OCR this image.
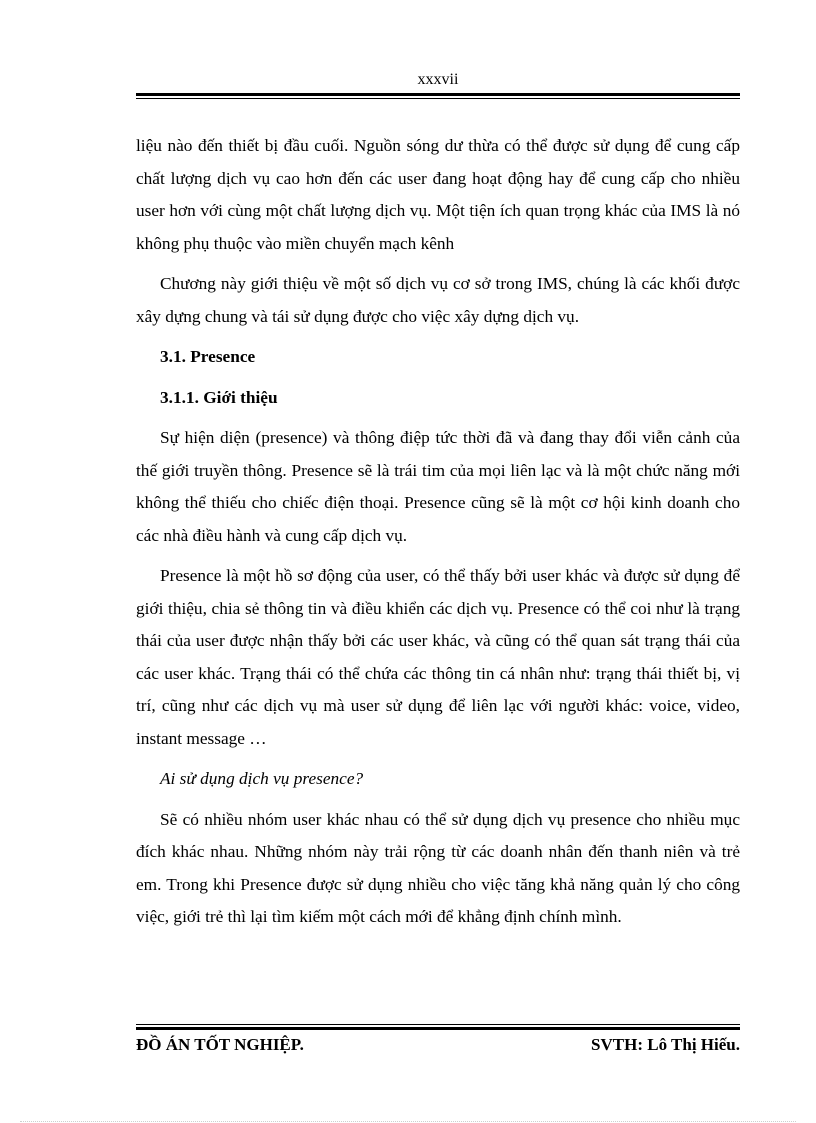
xxxvii

liệu nào đến thiết bị đầu cuối. Nguồn sóng dư thừa có thể được sử dụng để cung cấp chất lượng dịch vụ cao hơn đến các user đang hoạt động hay để cung cấp cho nhiều user hơn với cùng một chất lượng dịch vụ. Một tiện ích quan trọng khác của IMS là nó không phụ thuộc vào miền chuyển mạch kênh

Chương này giới thiệu về một số dịch vụ cơ sở trong IMS, chúng là các khối được xây dựng chung và tái sử dụng được cho việc xây dựng dịch vụ.

3.1. Presence
3.1.1. Giới thiệu

Sự hiện diện (presence) và thông điệp tức thời đã và đang thay đổi viễn cảnh của thế giới truyền thông. Presence sẽ là trái tim của mọi liên lạc và là một chức năng mới không thể thiếu cho chiếc điện thoại. Presence cũng sẽ là một cơ hội kinh doanh cho các nhà điều hành và cung cấp dịch vụ.

Presence là một hồ sơ động của user, có thể thấy bởi user khác và được sử dụng để giới thiệu, chia sẻ thông tin và điều khiển các dịch vụ. Presence có thể coi như là trạng thái của user được nhận thấy bởi các user khác, và cũng có thể quan sát trạng thái của các user khác. Trạng thái có thể chứa các thông tin cá nhân như: trạng thái thiết bị, vị trí, cũng như các dịch vụ mà user sử dụng để liên lạc với người khác: voice, video, instant message …

Ai sử dụng dịch vụ presence?

Sẽ có nhiều nhóm user khác nhau có thể sử dụng dịch vụ presence cho nhiều mục đích khác nhau. Những nhóm này trải rộng từ các doanh nhân đến thanh niên và trẻ em. Trong khi Presence được sử dụng nhiều cho việc tăng khả năng quản lý cho công việc, giới trẻ thì lại tìm kiếm một cách mới để khẳng định chính mình.

ĐỒ ÁN TỐT NGHIỆP.	SVTH: Lô Thị Hiếu.
